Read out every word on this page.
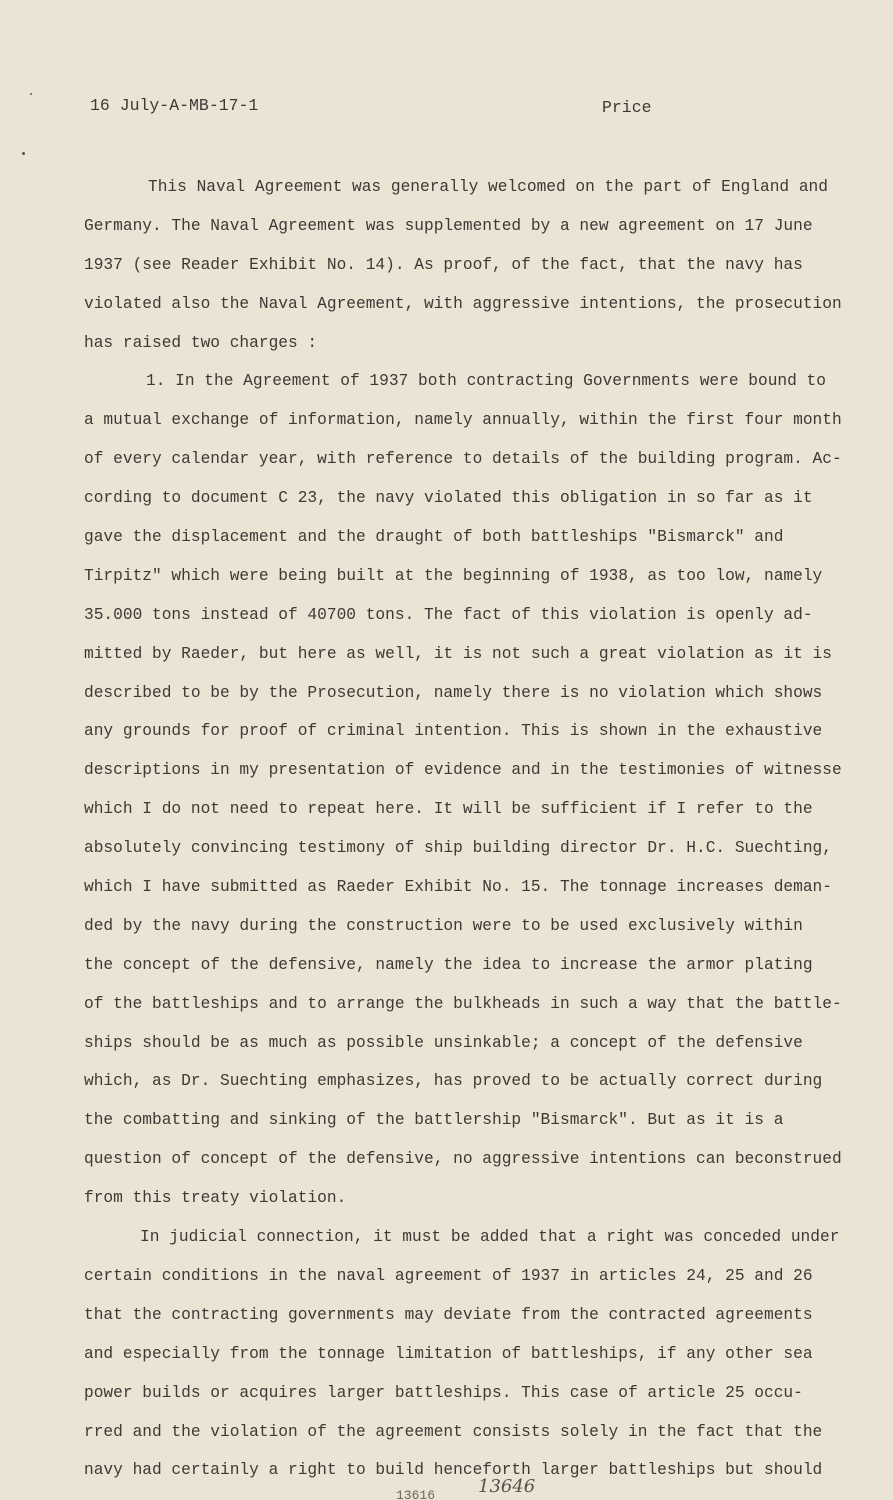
16 July-A-MB-17-1	Price
This Naval Agreement was generally welcomed on the part of England and
Germany. The Naval Agreement was supplemented by a new agreement on 17 June
1937 (see Reader Exhibit No. 14). As proof, of the fact, that the navy has
violated also the Naval Agreement, with aggressive intentions, the prosecution
has raised two charges :
1. In the Agreement of 1937 both contracting Governments were bound to
a mutual exchange of information, namely annually, within the first four month
of every calendar year, with reference to details of the building program. Ac-
cording to document C 23, the navy violated this obligation in so far as it
gave the displacement and the draught of both battleships "Bismarck" and
Tirpitz" which were being built at the beginning of 1938, as too low, namely
35.000 tons instead of 40700 tons. The fact of this violation is openly ad-
mitted by Raeder, but here as well, it is not such a great violation as it is
described to be by the Prosecution, namely there is no violation which shows
any grounds for proof of criminal intention. This is shown in the exhaustive
descriptions in my presentation of evidence and in the testimonies of witnesse
which I do not need to repeat here. It will be sufficient if I refer to the
absolutely convincing testimony of ship building director Dr. H.C. Suechting,
which I have submitted as Raeder Exhibit No. 15. The tonnage increases deman-
ded by the navy during the construction were to be used exclusively within
the concept of the defensive, namely the idea to increase the armor plating
of the battleships and to arrange the bulkheads in such a way that the battle-
ships should be as much as possible unsinkable; a concept of the defensive
which, as Dr. Suechting emphasizes, has proved to be actually correct during
the combatting and sinking of the battlership "Bismarck". But as it is a
question of concept of the defensive, no aggressive intentions can beconstrued
from this treaty violation.
In judicial connection, it must be added that a right was conceded under
certain conditions in the naval agreement of 1937 in articles 24, 25 and 26
that the contracting governments may deviate from the contracted agreements
and especially from the tonnage limitation of battleships, if any other sea
power builds or acquires larger battleships. This case of article 25 occu-
rred and the violation of the agreement consists solely in the fact that the
navy had certainly a right to build henceforth larger battleships but should
13616 13646
